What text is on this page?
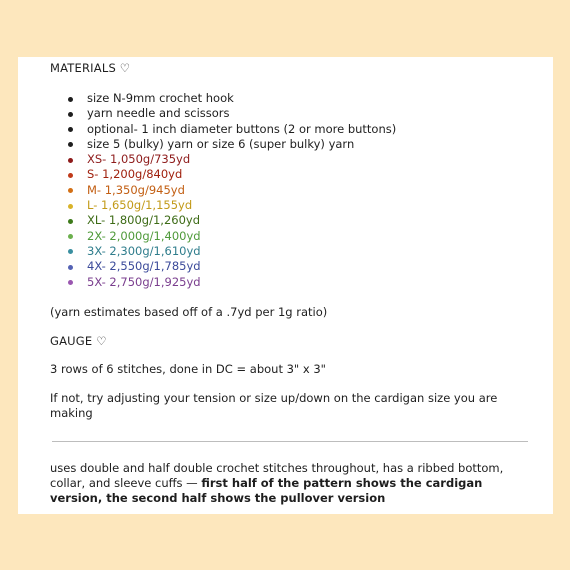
MATERIALS ♡
size N-9mm crochet hook
yarn needle and scissors
optional- 1 inch diameter buttons (2 or more buttons)
size 5 (bulky) yarn or size 6 (super bulky) yarn
XS- 1,050g/735yd
S- 1,200g/840yd
M- 1,350g/945yd
L- 1,650g/1,155yd
XL- 1,800g/1,260yd
2X- 2,000g/1,400yd
3X- 2,300g/1,610yd
4X- 2,550g/1,785yd
5X- 2,750g/1,925yd

(yarn estimates based off of a .7yd per 1g ratio)

GAUGE ♡

3 rows of 6 stitches, done in DC = about 3" x 3"

If not, try adjusting your tension or size up/down on the cardigan size you are making

uses double and half double crochet stitches throughout, has a ribbed bottom, collar, and sleeve cuffs — first half of the pattern shows the cardigan version, the second half shows the pullover version
